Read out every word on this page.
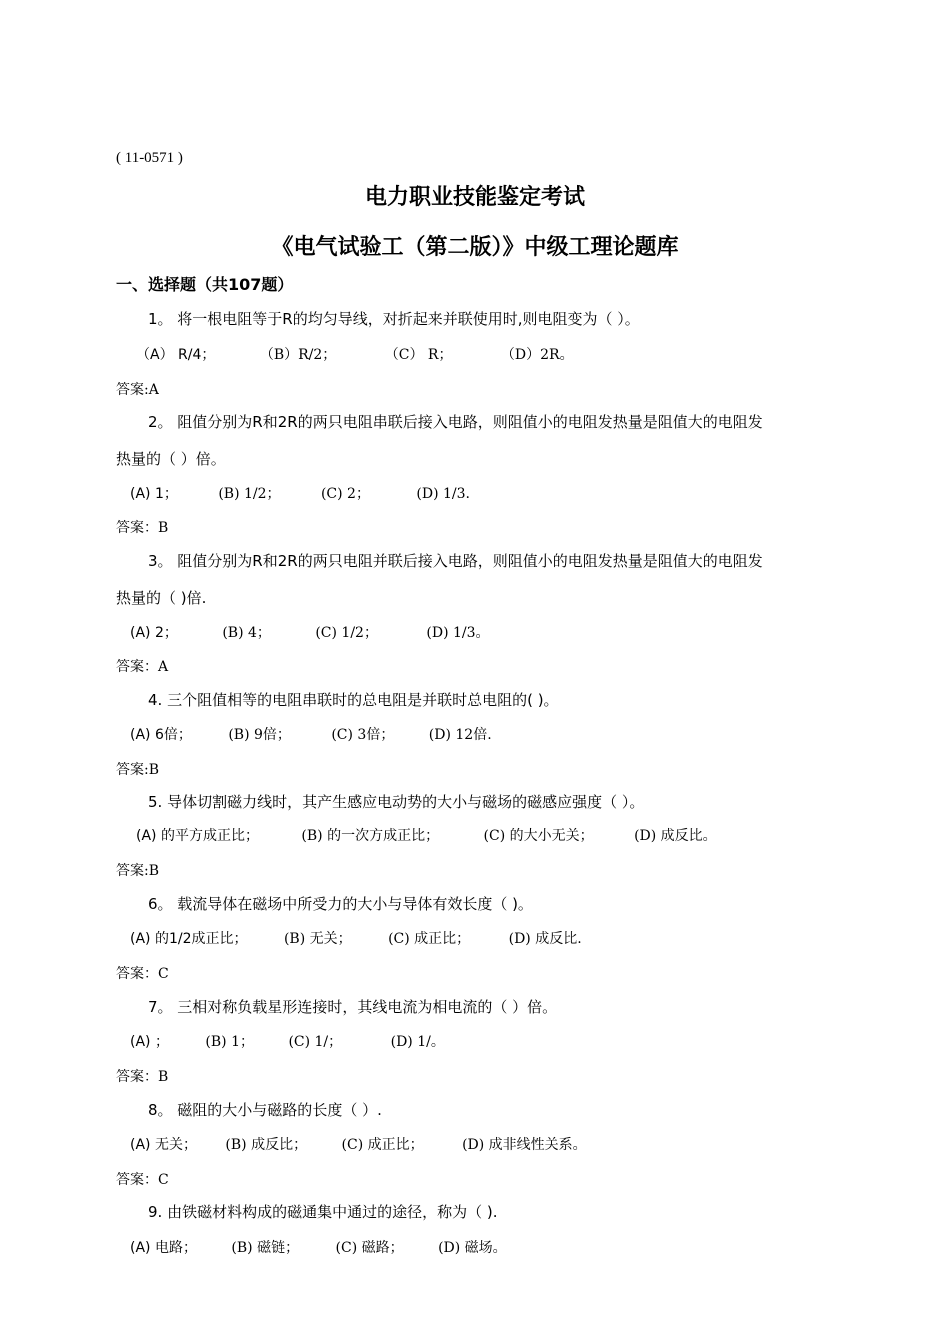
( 11-0571 )
电力职业技能鉴定考试
《电气试验工（第二版）》中级工理论题库
一、选择题（共107题）
1。 将一根电阻等于R的均匀导线，对折起来并联使用时,则电阻变为（ ）。
（A） R/4；	（B）R/2；	（C） R；	（D）2R。
答案:A
2。 阻值分别为R和2R的两只电阻串联后接入电路，则阻值小的电阻发热量是阻值大的电阻发
热量的（ ）倍。
(A) 1；	(B) 1/2；	(C) 2；	(D) 1/3.
答案：B
3。 阻值分别为R和2R的两只电阻并联后接入电路，则阻值小的电阻发热量是阻值大的电阻发
热量的（ )倍.
(A) 2；	(B) 4；	(C) 1/2；	(D) 1/3。
答案：A
4. 三个阻值相等的电阻串联时的总电阻是并联时总电阻的( )。
(A) 6倍；	(B) 9倍；	(C) 3倍； (D) 12倍.
答案:B
5. 导体切割磁力线时，其产生感应电动势的大小与磁场的磁感应强度（ ）。
(A) 的平方成正比；	(B) 的一次方成正比；	(C) 的大小无关；	(D) 成反比。
答案:B
6。 载流导体在磁场中所受力的大小与导体有效长度（ )。
(A) 的1/2成正比；	(B) 无关；	(C) 成正比；	(D) 成反比.
答案：C
7。 三相对称负载星形连接时，其线电流为相电流的（ ）倍。
(A) ；	(B) 1； (C) 1/；	(D) 1/。
答案：B
8。 磁阻的大小与磁路的长度（ ）.
(A) 无关； (B) 成反比； (C) 成正比；	(D) 成非线性关系。
答案：C
9. 由铁磁材料构成的磁通集中通过的途径，称为（ ).
(A) 电路； (B) 磁链；	(C) 磁路； (D) 磁场。
